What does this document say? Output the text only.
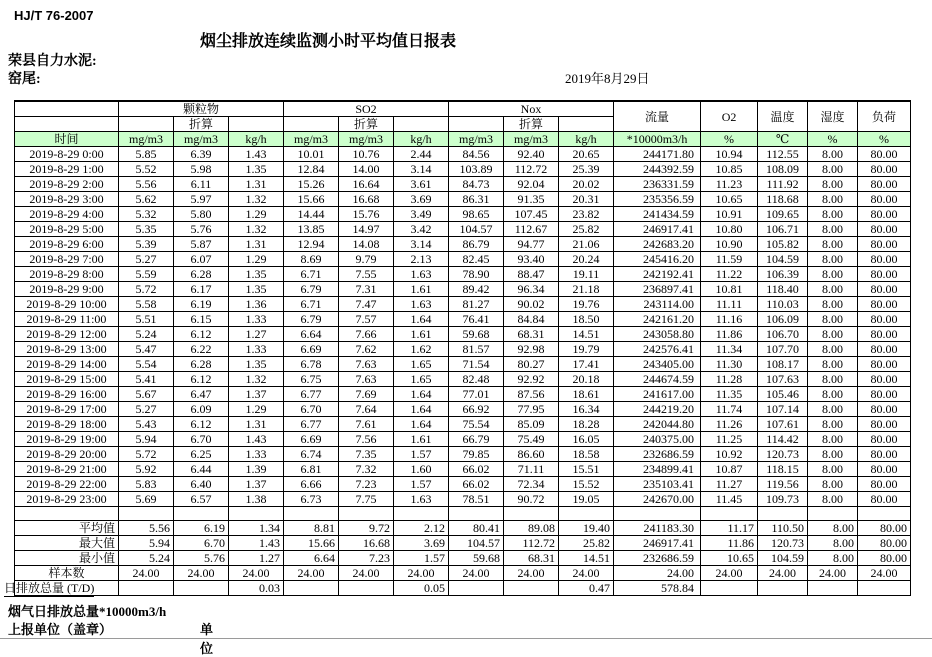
HJ/T 76-2007
烟尘排放连续监测小时平均值日报表
荣县自力水泥:
窑尾:	2019年8月29日
	颗粒物			SO2			Nox			流量	O2	温度	湿度	负荷
		折算			折算			折算						
时间	mg/m3	mg/m3	kg/h	mg/m3	mg/m3	kg/h	mg/m3	mg/m3	kg/h	*10000m3/h	%	℃	%	%
2019-8-29 0:00	5.85	6.39	1.43	10.01	10.76	2.44	84.56	92.40	20.65	244171.80	10.94	112.55	8.00	80.00
2019-8-29 1:00	5.52	5.98	1.35	12.84	14.00	3.14	103.89	112.72	25.39	244392.59	10.85	108.09	8.00	80.00
2019-8-29 2:00	5.56	6.11	1.31	15.26	16.64	3.61	84.73	92.04	20.02	236331.59	11.23	111.92	8.00	80.00
2019-8-29 3:00	5.62	5.97	1.32	15.66	16.68	3.69	86.31	91.35	20.31	235356.59	10.65	118.68	8.00	80.00
2019-8-29 4:00	5.32	5.80	1.29	14.44	15.76	3.49	98.65	107.45	23.82	241434.59	10.91	109.65	8.00	80.00
2019-8-29 5:00	5.35	5.76	1.32	13.85	14.97	3.42	104.57	112.67	25.82	246917.41	10.80	106.71	8.00	80.00
2019-8-29 6:00	5.39	5.87	1.31	12.94	14.08	3.14	86.79	94.77	21.06	242683.20	10.90	105.82	8.00	80.00
2019-8-29 7:00	5.27	6.07	1.29	8.69	9.79	2.13	82.45	93.40	20.24	245416.20	11.59	104.59	8.00	80.00
2019-8-29 8:00	5.59	6.28	1.35	6.71	7.55	1.63	78.90	88.47	19.11	242192.41	11.22	106.39	8.00	80.00
2019-8-29 9:00	5.72	6.17	1.35	6.79	7.31	1.61	89.42	96.34	21.18	236897.41	10.81	118.40	8.00	80.00
2019-8-29 10:00	5.58	6.19	1.36	6.71	7.47	1.63	81.27	90.02	19.76	243114.00	11.11	110.03	8.00	80.00
2019-8-29 11:00	5.51	6.15	1.33	6.79	7.57	1.64	76.41	84.84	18.50	242161.20	11.16	106.09	8.00	80.00
2019-8-29 12:00	5.24	6.12	1.27	6.64	7.66	1.61	59.68	68.31	14.51	243058.80	11.86	106.70	8.00	80.00
2019-8-29 13:00	5.47	6.22	1.33	6.69	7.62	1.62	81.57	92.98	19.79	242576.41	11.34	107.70	8.00	80.00
2019-8-29 14:00	5.54	6.28	1.35	6.78	7.63	1.65	71.54	80.27	17.41	243405.00	11.30	108.17	8.00	80.00
2019-8-29 15:00	5.41	6.12	1.32	6.75	7.63	1.65	82.48	92.92	20.18	244674.59	11.28	107.63	8.00	80.00
2019-8-29 16:00	5.67	6.47	1.37	6.77	7.69	1.64	77.01	87.56	18.61	241617.00	11.35	105.46	8.00	80.00
2019-8-29 17:00	5.27	6.09	1.29	6.70	7.64	1.64	66.92	77.95	16.34	244219.20	11.74	107.14	8.00	80.00
2019-8-29 18:00	5.43	6.12	1.31	6.77	7.61	1.64	75.54	85.09	18.28	242044.80	11.26	107.61	8.00	80.00
2019-8-29 19:00	5.94	6.70	1.43	6.69	7.56	1.61	66.79	75.49	16.05	240375.00	11.25	114.42	8.00	80.00
2019-8-29 20:00	5.72	6.25	1.33	6.74	7.35	1.57	79.85	86.60	18.58	232686.59	10.92	120.73	8.00	80.00
2019-8-29 21:00	5.92	6.44	1.39	6.81	7.32	1.60	66.02	71.11	15.51	234899.41	10.87	118.15	8.00	80.00
2019-8-29 22:00	5.83	6.40	1.37	6.66	7.23	1.57	66.02	72.34	15.52	235103.41	11.27	119.56	8.00	80.00
2019-8-29 23:00	5.69	6.57	1.38	6.73	7.75	1.63	78.51	90.72	19.05	242670.00	11.45	109.73	8.00	80.00

平均值	5.56	6.19	1.34	8.81	9.72	2.12	80.41	89.08	19.40	241183.30	11.17	110.50	8.00	80.00
最大值	5.94	6.70	1.43	15.66	16.68	3.69	104.57	112.72	25.82	246917.41	11.86	120.73	8.00	80.00
最小值	5.24	5.76	1.27	6.64	7.23	1.57	59.68	68.31	14.51	232686.59	10.65	104.59	8.00	80.00
样本数	24.00	24.00	24.00	24.00	24.00	24.00	24.00	24.00	24.00	24.00	24.00	24.00	24.00	24.00

日排放总量 (T/D)			0.03			0.05			0.47	578.84				
烟气日排放总量*10000m3/h
上报单位（盖章）	单位
